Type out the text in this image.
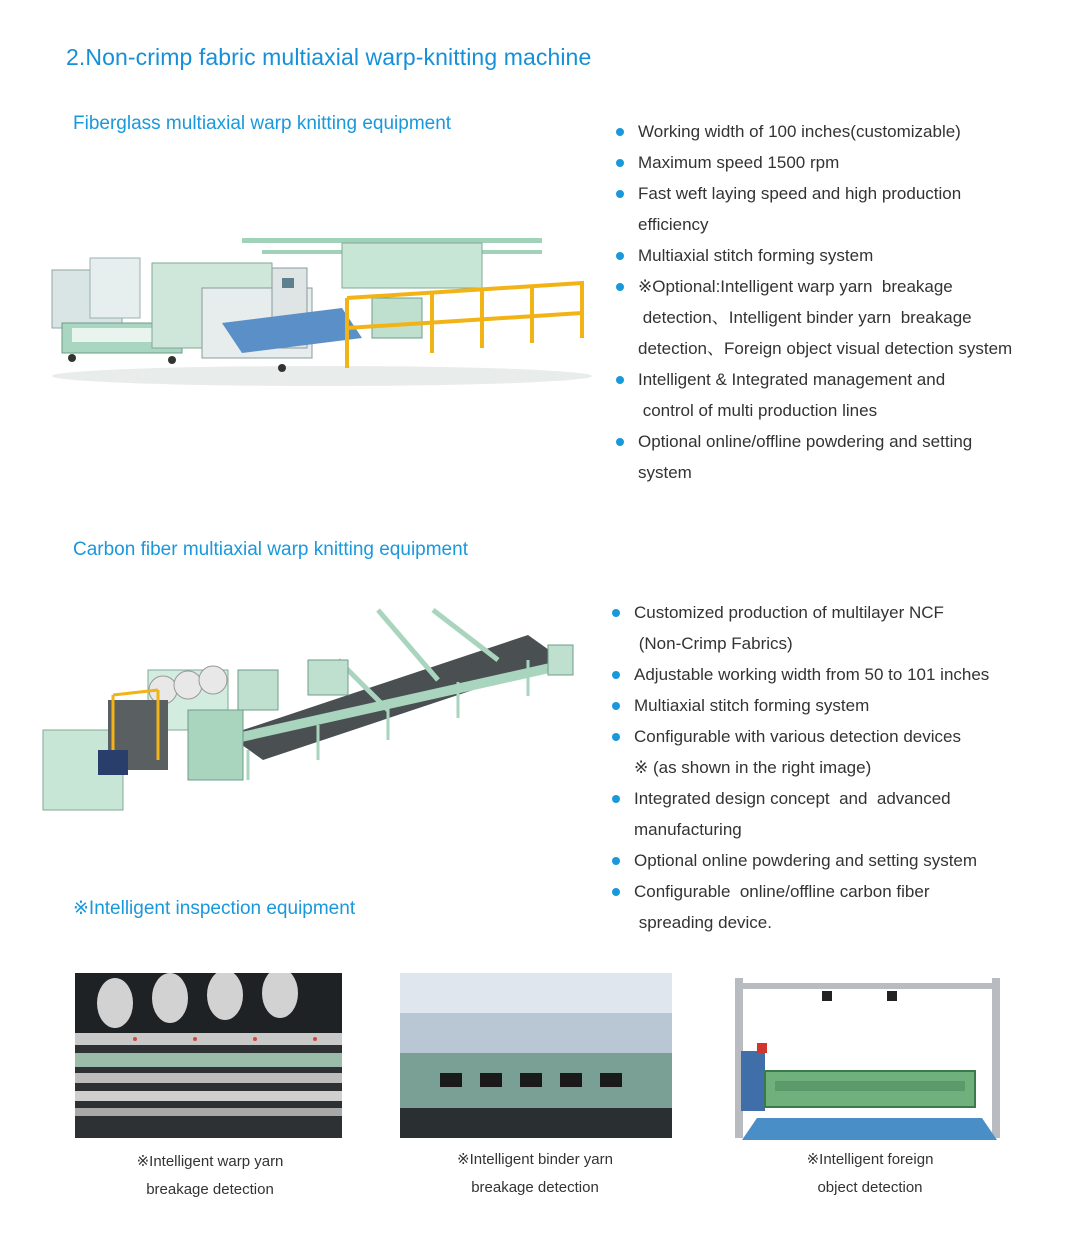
2.Non-crimp fabric multiaxial warp-knitting machine
Fiberglass multiaxial warp knitting equipment	Working width of 100 inches(customizable)
Maximum speed 1500 rpm
Fast weft laying speed and high production
efficiency
Multiaxial stitch forming system
※Optional:Intelligent warp yarn  breakage
detection、Intelligent binder yarn  breakage
detection、Foreign object visual detection system
Intelligent & Integrated management and
control of multi production lines
Optional online/offline powdering and setting
system
Carbon fiber multiaxial warp knitting equipment
Customized production of multilayer NCF
(Non-Crimp Fabrics)
Adjustable working width from 50 to 101 inches
Multiaxial stitch forming system
Configurable with various detection devices
※ (as shown in the right image)
Integrated design concept  and  advanced
manufacturing
Optional online powdering and setting system
Configurable  online/offline carbon fiber
spreading device.
※Intelligent inspection equipment
※Intelligent warp yarn
breakage detection
※Intelligent binder yarn
breakage detection
※Intelligent foreign
object detection
